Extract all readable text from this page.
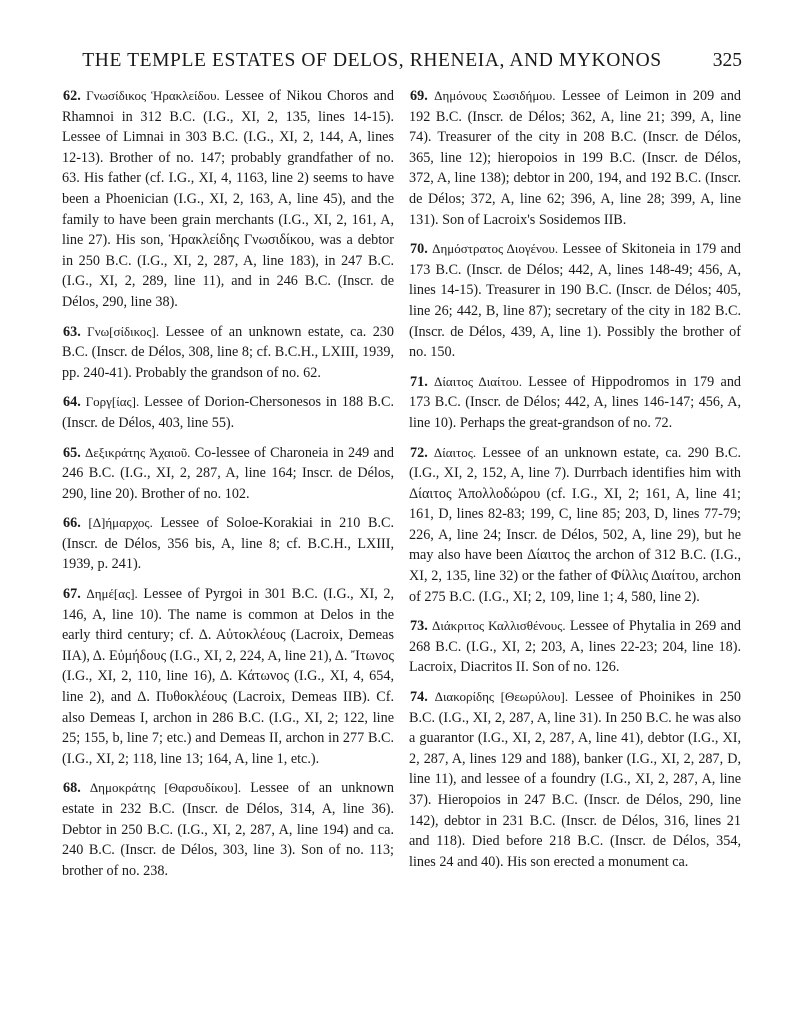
THE TEMPLE ESTATES OF DELOS, RHENEIA, AND MYKONOS	325

62. Γνωσίδικος Ἡρακλείδου. Lessee of Nikou Choros and Rhamnoi in 312 B.C. (I.G., XI, 2, 135, lines 14-15). Lessee of Limnai in 303 B.C. (I.G., XI, 2, 144, A, lines 12-13). Brother of no. 147; probably grandfather of no. 63. His father (cf. I.G., XI, 4, 1163, line 2) seems to have been a Phoenician (I.G., XI, 2, 163, A, line 45), and the family to have been grain merchants (I.G., XI, 2, 161, A, line 27). His son, Ἡρακλείδης Γνωσιδίκου, was a debtor in 250 B.C. (I.G., XI, 2, 287, A, line 183), in 247 B.C. (I.G., XI, 2, 289, line 11), and in 246 B.C. (Inscr. de Délos, 290, line 38).

63. Γνω[σίδικος]. Lessee of an unknown estate, ca. 230 B.C. (Inscr. de Délos, 308, line 8; cf. B.C.H., LXIII, 1939, pp. 240-41). Probably the grandson of no. 62.

64. Γοργ[ίας]. Lessee of Dorion-Chersonesos in 188 B.C. (Inscr. de Délos, 403, line 55).

65. Δεξικράτης Ἀχαιοῦ. Co-lessee of Charoneia in 249 and 246 B.C. (I.G., XI, 2, 287, A, line 164; Inscr. de Délos, 290, line 20). Brother of no. 102.

66. [Δ]ήμαρχος. Lessee of Soloe-Korakiai in 210 B.C. (Inscr. de Délos, 356 bis, A, line 8; cf. B.C.H., LXIII, 1939, p. 241).

67. Δημέ[ας]. Lessee of Pyrgoi in 301 B.C. (I.G., XI, 2, 146, A, line 10). The name is common at Delos in the early third century; cf. Δ. Αὐτοκλέους (Lacroix, Demeas IIA), Δ. Εὐμήδους (I.G., XI, 2, 224, A, line 21), Δ. Ἴτωνος (I.G., XI, 2, 110, line 16), Δ. Κάτωνος (I.G., XI, 4, 654, line 2), and Δ. Πυθοκλέους (Lacroix, Demeas IIB). Cf. also Demeas I, archon in 286 B.C. (I.G., XI, 2; 122, line 25; 155, b, line 7; etc.) and Demeas II, archon in 277 B.C. (I.G., XI, 2; 118, line 13; 164, A, line 1, etc.).

68. Δημοκράτης [Θαρσυδίκου]. Lessee of an unknown estate in 232 B.C. (Inscr. de Délos, 314, A, line 36). Debtor in 250 B.C. (I.G., XI, 2, 287, A, line 194) and ca. 240 B.C. (Inscr. de Délos, 303, line 3). Son of no. 113; brother of no. 238.

69. Δημόνους Σωσιδήμου. Lessee of Leimon in 209 and 192 B.C. (Inscr. de Délos; 362, A, line 21; 399, A, line 74). Treasurer of the city in 208 B.C. (Inscr. de Délos, 365, line 12); hieropoios in 199 B.C. (Inscr. de Délos, 372, A, line 138); debtor in 200, 194, and 192 B.C. (Inscr. de Délos; 372, A, line 62; 396, A, line 28; 399, A, line 131). Son of Lacroix's Sosidemos IIB.

70. Δημόστρατος Διογένου. Lessee of Skitoneia in 179 and 173 B.C. (Inscr. de Délos; 442, A, lines 148-49; 456, A, lines 14-15). Treasurer in 190 B.C. (Inscr. de Délos; 405, line 26; 442, B, line 87); secretary of the city in 182 B.C. (Inscr. de Délos, 439, A, line 1). Possibly the brother of no. 150.

71. Δίαιτος Διαίτου. Lessee of Hippodromos in 179 and 173 B.C. (Inscr. de Délos; 442, A, lines 146-147; 456, A, line 10). Perhaps the great-grandson of no. 72.

72. Δίαιτος. Lessee of an unknown estate, ca. 290 B.C. (I.G., XI, 2, 152, A, line 7). Durrbach identifies him with Δίαιτος Ἀπολλοδώρου (cf. I.G., XI, 2; 161, A, line 41; 161, D, lines 82-83; 199, C, line 85; 203, D, lines 77-79; 226, A, line 24; Inscr. de Délos, 502, A, line 29), but he may also have been Δίαιτος the archon of 312 B.C. (I.G., XI, 2, 135, line 32) or the father of Φίλλις Διαίτου, archon of 275 B.C. (I.G., XI; 2, 109, line 1; 4, 580, line 2).

73. Διάκριτος Καλλισθένους. Lessee of Phytalia in 269 and 268 B.C. (I.G., XI, 2; 203, A, lines 22-23; 204, line 18). Lacroix, Diacritos II. Son of no. 126.

74. Διακορίδης [Θεωρύλου]. Lessee of Phoinikes in 250 B.C. (I.G., XI, 2, 287, A, line 31). In 250 B.C. he was also a guarantor (I.G., XI, 2, 287, A, line 41), debtor (I.G., XI, 2, 287, A, lines 129 and 188), banker (I.G., XI, 2, 287, D, line 11), and lessee of a foundry (I.G., XI, 2, 287, A, line 37). Hieropoios in 247 B.C. (Inscr. de Délos, 290, line 142), debtor in 231 B.C. (Inscr. de Délos, 316, lines 21 and 118). Died before 218 B.C. (Inscr. de Délos, 354, lines 24 and 40). His son erected a monument ca.
